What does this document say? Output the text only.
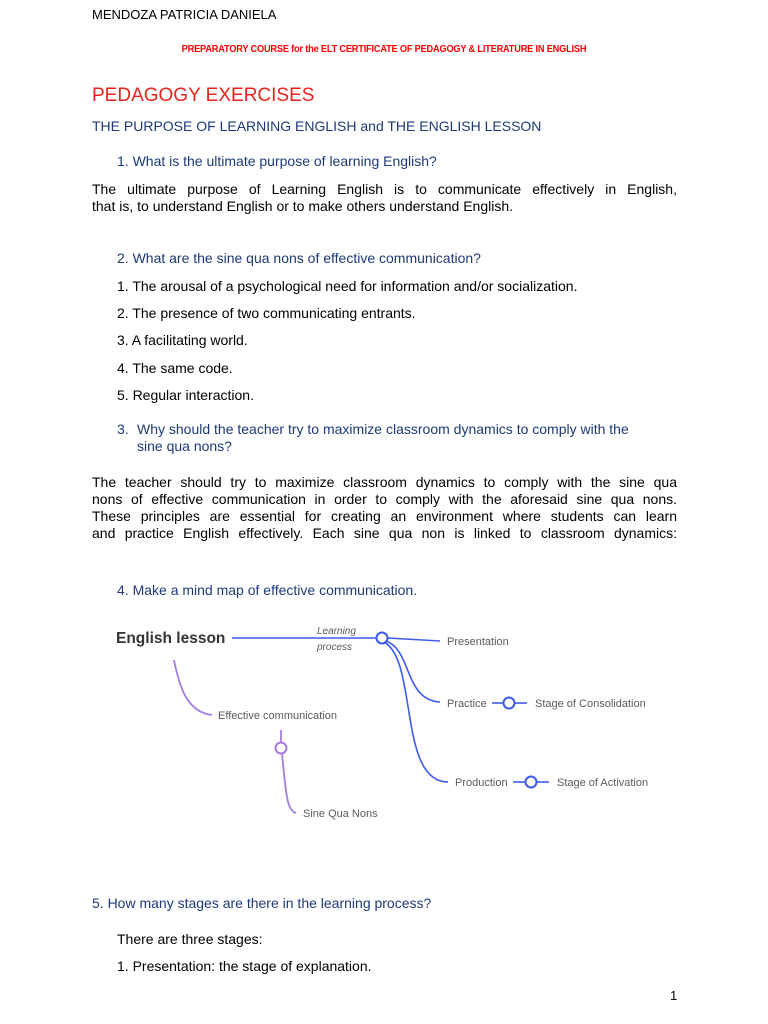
MENDOZA PATRICIA DANIELA
PREPARATORY COURSE for the ELT CERTIFICATE OF PEDAGOGY & LITERATURE IN ENGLISH
PEDAGOGY EXERCISES
THE PURPOSE OF LEARNING ENGLISH and THE ENGLISH LESSON
1. What is the ultimate purpose of learning English?
The ultimate purpose of Learning English is to communicate effectively in English,
that is, to understand English or to make others understand English.
2. What are the sine qua nons of effective communication?
1. The arousal of a psychological need for information and/or socialization.
2. The presence of two communicating entrants.
3. A facilitating world.
4. The same code.
5. Regular interaction.
3. Why should the teacher try to maximize classroom dynamics to comply with the
sine qua nons?
The teacher should try to maximize classroom dynamics to comply with the sine qua
nons of effective communication in order to comply with the aforesaid sine qua nons.
These principles are essential for creating an environment where students can learn
and practice English effectively. Each sine qua non is linked to classroom dynamics:
4. Make a mind map of effective communication.
English lesson	Learning
process	Presentation
Practice	Stage of Consolidation
Production	Stage of Activation
Effective communication
Sine Qua Nons
5. How many stages are there in the learning process?
There are three stages:
1. Presentation: the stage of explanation.
1
